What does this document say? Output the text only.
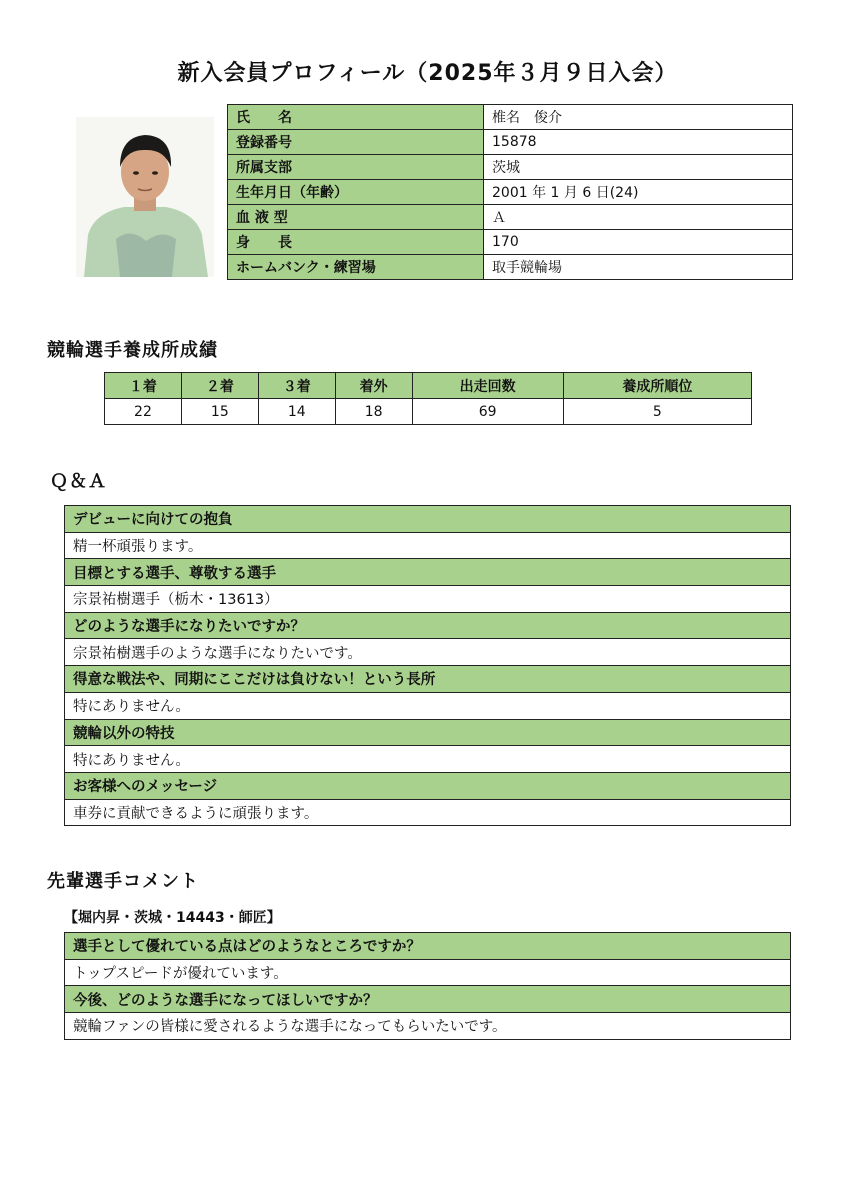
新入会員プロフィール（2025年３月９日入会）
氏　　名	椎名　俊介
登録番号	15878
所属支部	茨城
生年月日（年齢）	2001 年 1 月 6 日(24)
血 液 型	Ａ
身　　長	170
ホームバンク・練習場	取手競輪場
競輪選手養成所成績
１着	２着	３着	着外	出走回数	養成所順位
22	15	14	18	69	5
Ｑ＆Ａ
デビューに向けての抱負
精一杯頑張ります。
目標とする選手、尊敬する選手
宗景祐樹選手（栃木・13613）
どのような選手になりたいですか？
宗景祐樹選手のような選手になりたいです。
得意な戦法や、同期にここだけは負けない！という長所
特にありません。
競輪以外の特技
特にありません。
お客様へのメッセージ
車券に貢献できるように頑張ります。
先輩選手コメント
【堀内昇・茨城・14443・師匠】
選手として優れている点はどのようなところですか？
トップスピードが優れています。
今後、どのような選手になってほしいですか？
競輪ファンの皆様に愛されるような選手になってもらいたいです。
